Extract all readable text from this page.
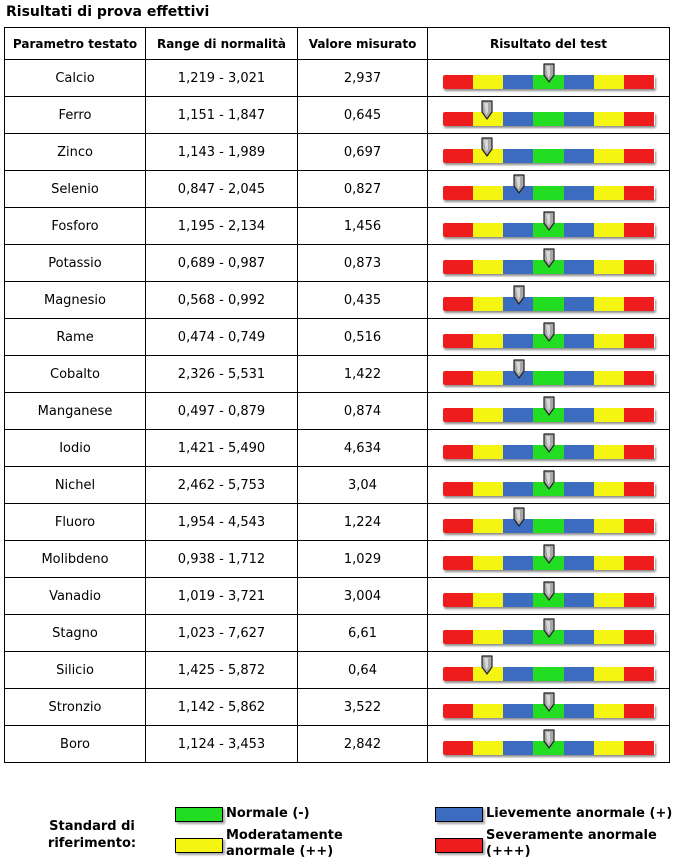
Risultati di prova effettivi
Parametro testato	Range di normalità	Valore misurato	Risultato del test
Calcio	1,219 - 3,021	2,937	

Ferro	1,151 - 1,847	0,645	

Zinco	1,143 - 1,989	0,697	

Selenio	0,847 - 2,045	0,827	

Fosforo	1,195 - 2,134	1,456	

Potassio	0,689 - 0,987	0,873	

Magnesio	0,568 - 0,992	0,435	

Rame	0,474 - 0,749	0,516	

Cobalto	2,326 - 5,531	1,422	

Manganese	0,497 - 0,879	0,874	

Iodio	1,421 - 5,490	4,634	

Nichel	2,462 - 5,753	3,04	

Fluoro	1,954 - 4,543	1,224	

Molibdeno	0,938 - 1,712	1,029	

Vanadio	1,019 - 3,721	3,004	

Stagno	1,023 - 7,627	6,61	

Silicio	1,425 - 5,872	0,64	

Stronzio	1,142 - 5,862	3,522	

Boro	1,124 - 3,453	2,842	
Standard di riferimento:
Normale (-)
Moderatamente anormale (++)
Lievemente anormale (+)
Severamente anormale (+++)
